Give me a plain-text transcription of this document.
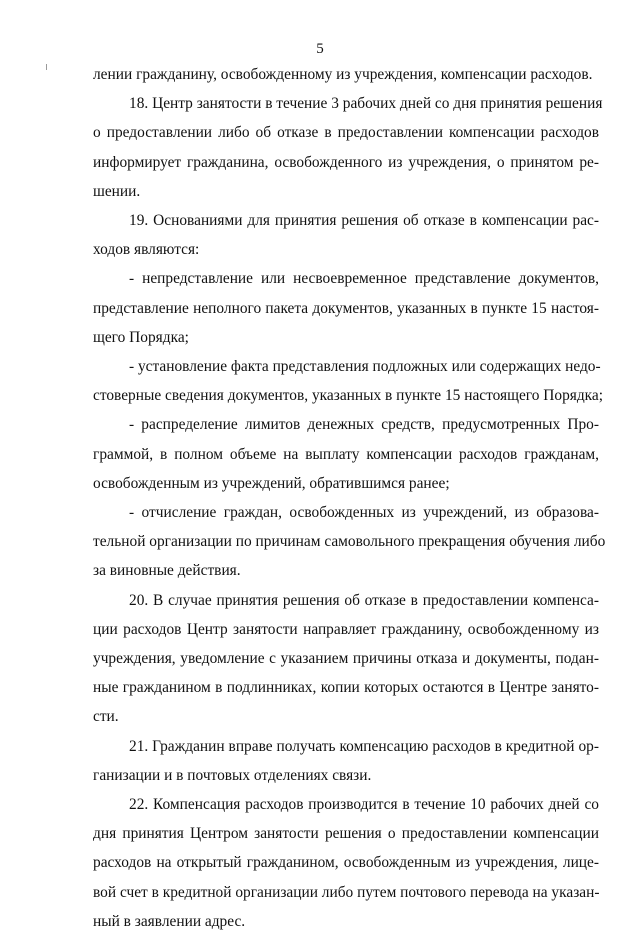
5
лении гражданину, освобожденному из учреждения, компенсации расходов.
18. Центр занятости в течение 3 рабочих дней со дня принятия решения
о предоставлении либо об отказе в предоставлении компенсации расходов
информирует гражданина, освобожденного из учреждения, о принятом ре-
шении.
19. Основаниями для принятия решения об отказе в компенсации рас-
ходов являются:
- непредставление или несвоевременное представление документов,
представление неполного пакета документов, указанных в пункте 15 настоя-
щего Порядка;
- установление факта представления подложных или содержащих недо-
стоверные сведения документов, указанных в пункте 15 настоящего Порядка;
- распределение лимитов денежных средств, предусмотренных Про-
граммой, в полном объеме на выплату компенсации расходов гражданам,
освобожденным из учреждений, обратившимся ранее;
- отчисление граждан, освобожденных из учреждений, из образова-
тельной организации по причинам самовольного прекращения обучения либо
за виновные действия.
20. В случае принятия решения об отказе в предоставлении компенса-
ции расходов Центр занятости направляет гражданину, освобожденному из
учреждения, уведомление с указанием причины отказа и документы, подан-
ные гражданином в подлинниках, копии которых остаются в Центре занято-
сти.
21. Гражданин вправе получать компенсацию расходов в кредитной ор-
ганизации и в почтовых отделениях связи.
22. Компенсация расходов производится в течение 10 рабочих дней со
дня принятия Центром занятости решения о предоставлении компенсации
расходов на открытый гражданином, освобожденным из учреждения, лице-
вой счет в кредитной организации либо путем почтового перевода на указан-
ный в заявлении адрес.
